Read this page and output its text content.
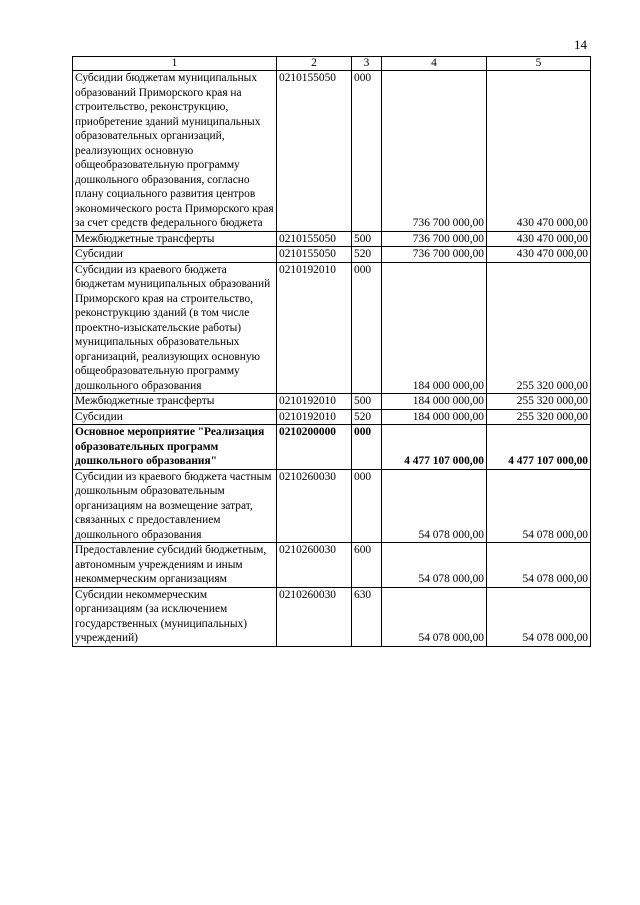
14
1	2	3	4	5
Субсидии бюджетам муниципальных образований Приморского края на строительство, реконструкцию, приобретение зданий муниципальных образовательных организаций, реализующих основную общеобразовательную программу дошкольного образования, согласно плану социального развития центров экономического роста Приморского края за счет средств федерального бюджета	0210155050	000	736 700 000,00	430 470 000,00
Межбюджетные трансферты	0210155050	500	736 700 000,00	430 470 000,00
Субсидии	0210155050	520	736 700 000,00	430 470 000,00
Субсидии из краевого бюджета бюджетам муниципальных образований Приморского края на строительство, реконструкцию зданий (в том числе проектно-изыскательские работы) муниципальных образовательных организаций, реализующих основную общеобразовательную программу дошкольного образования	0210192010	000	184 000 000,00	255 320 000,00
Межбюджетные трансферты	0210192010	500	184 000 000,00	255 320 000,00
Субсидии	0210192010	520	184 000 000,00	255 320 000,00
Основное мероприятие "Реализация образовательных программ дошкольного образования"	0210200000	000	4 477 107 000,00	4 477 107 000,00
Субсидии из краевого бюджета частным дошкольным образовательным организациям на возмещение затрат, связанных с предоставлением дошкольного образования	0210260030	000	54 078 000,00	54 078 000,00
Предоставление субсидий бюджетным, автономным учреждениям и иным некоммерческим организациям	0210260030	600	54 078 000,00	54 078 000,00
Субсидии некоммерческим организациям (за исключением государственных (муниципальных) учреждений)	0210260030	630	54 078 000,00	54 078 000,00
